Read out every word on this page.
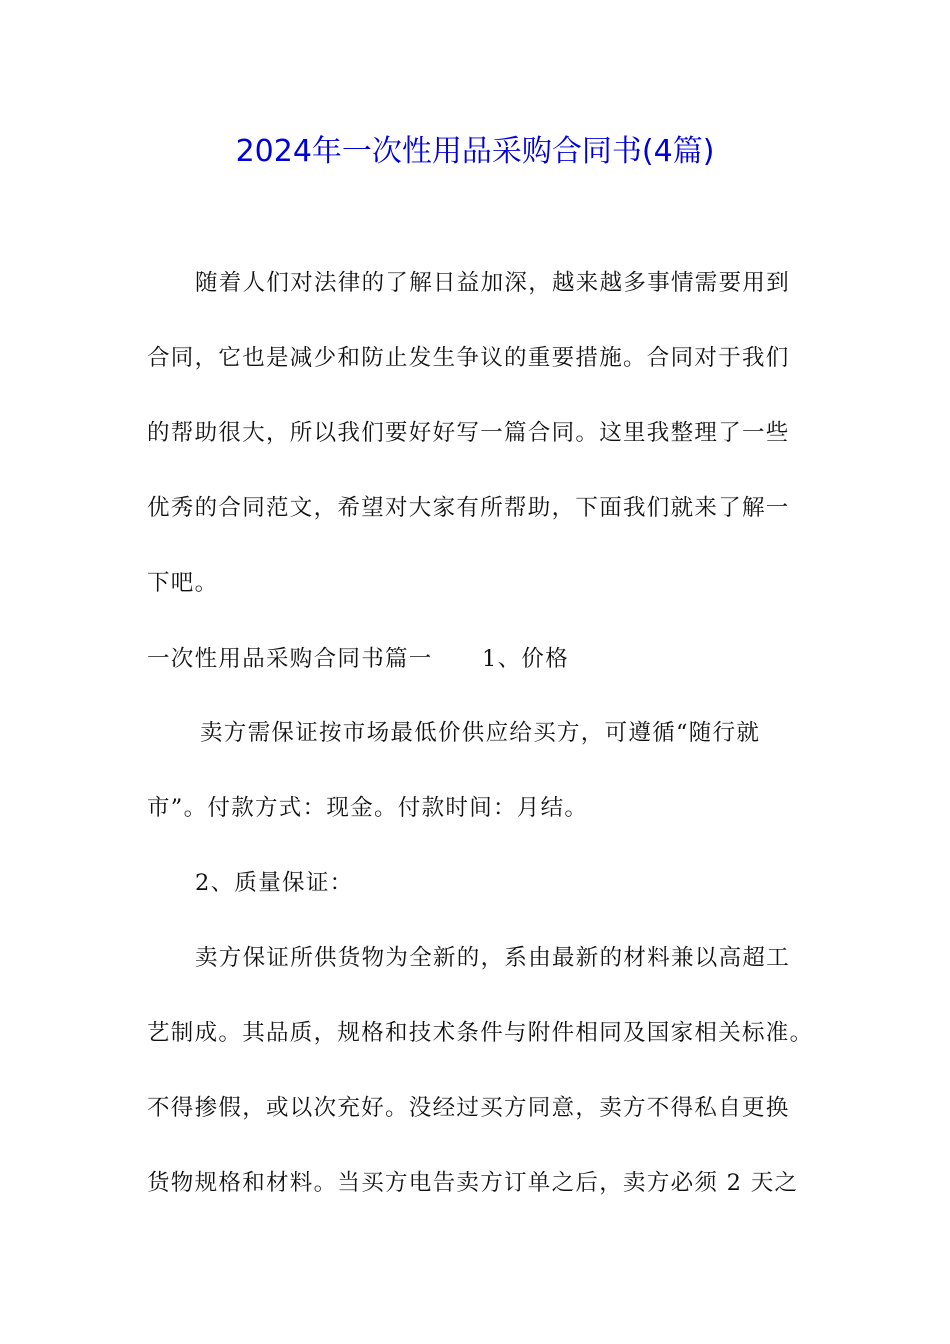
2024年一次性用品采购合同书(4篇)
随着人们对法律的了解日益加深，越来越多事情需要用到
合同，它也是减少和防止发生争议的重要措施。合同对于我们
的帮助很大，所以我们要好好写一篇合同。这里我整理了一些
优秀的合同范文，希望对大家有所帮助，下面我们就来了解一
下吧。
一次性用品采购合同书篇一 1、价格
卖方需保证按市场最低价供应给买方，可遵循“随行就
市”。付款方式：现金。付款时间：月结。
2、质量保证：
卖方保证所供货物为全新的，系由最新的材料兼以高超工
艺制成。其品质，规格和技术条件与附件相同及国家相关标准。
不得掺假，或以次充好。没经过买方同意，卖方不得私自更换
货物规格和材料。当买方电告卖方订单之后，卖方必须 2 天之
